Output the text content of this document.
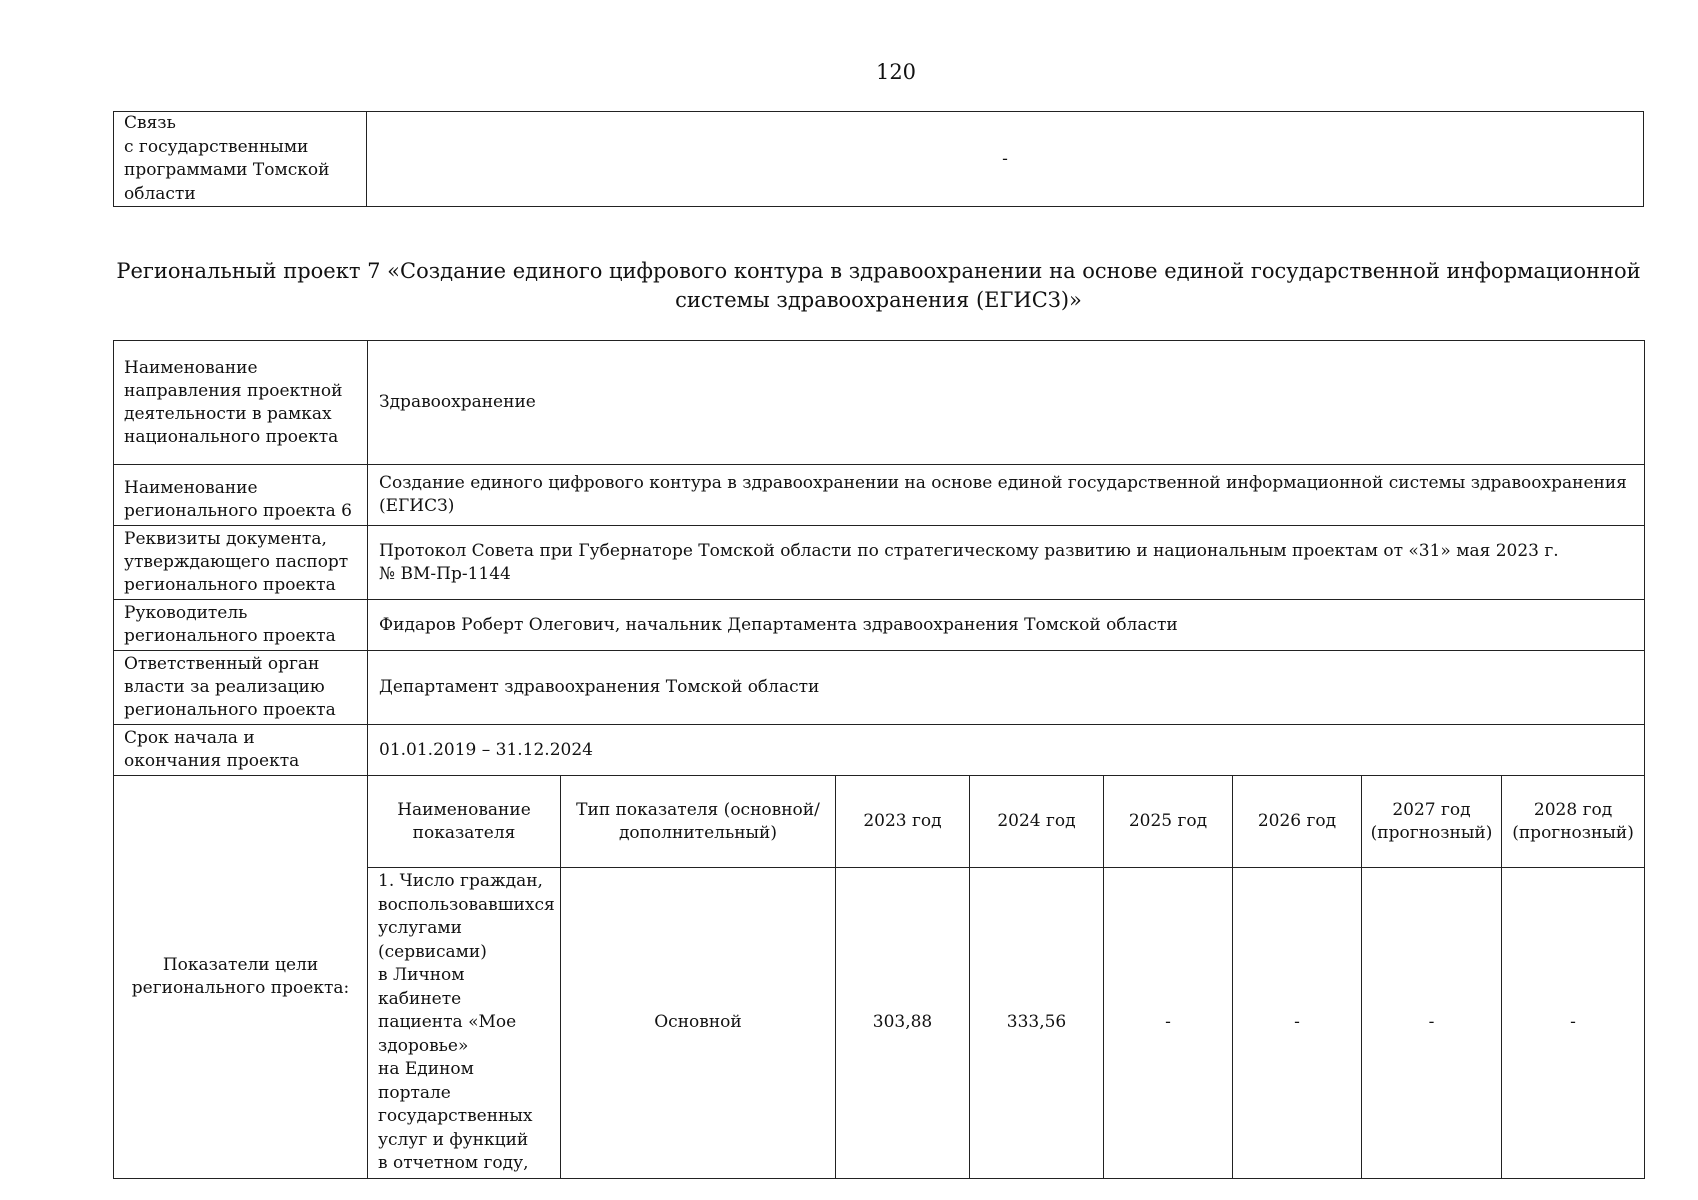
120
Связь
с государственными
программами Томской
области	-
Региональный проект 7 «Создание единого цифрового контура в здравоохранении на основе единой государственной информационной системы здравоохранения (ЕГИСЗ)»
Наименование направления проектной деятельности в рамках национального проекта	Здравоохранение							
Наименование регионального проекта 6	Создание единого цифрового контура в здравоохранении на основе единой государственной информационной системы здравоохранения (ЕГИСЗ)							
Реквизиты документа, утверждающего паспорт регионального проекта	Протокол Совета при Губернаторе Томской области по стратегическому развитию и национальным проектам от «31» мая 2023 г.
№ ВМ-Пр-1144							
Руководитель регионального проекта	Фидаров Роберт Олегович, начальник Департамента здравоохранения Томской области							
Ответственный орган власти за реализацию регионального проекта	Департамент здравоохранения Томской области							
Срок начала и окончания проекта	01.01.2019 – 31.12.2024							
Показатели цели регионального проекта:	Наименование показателя	Тип показателя (основной/дополнительный)	2023 год	2024 год	2025 год	2026 год	2027 год (прогнозный)	2028 год (прогнозный)
	1. Число граждан, воспользовавшихся услугами (сервисами)
в Личном кабинете пациента «Мое здоровье»
на Едином портале государственных услуг и функций
в отчетном году,	Основной	303,88	333,56	-	-	-	-
